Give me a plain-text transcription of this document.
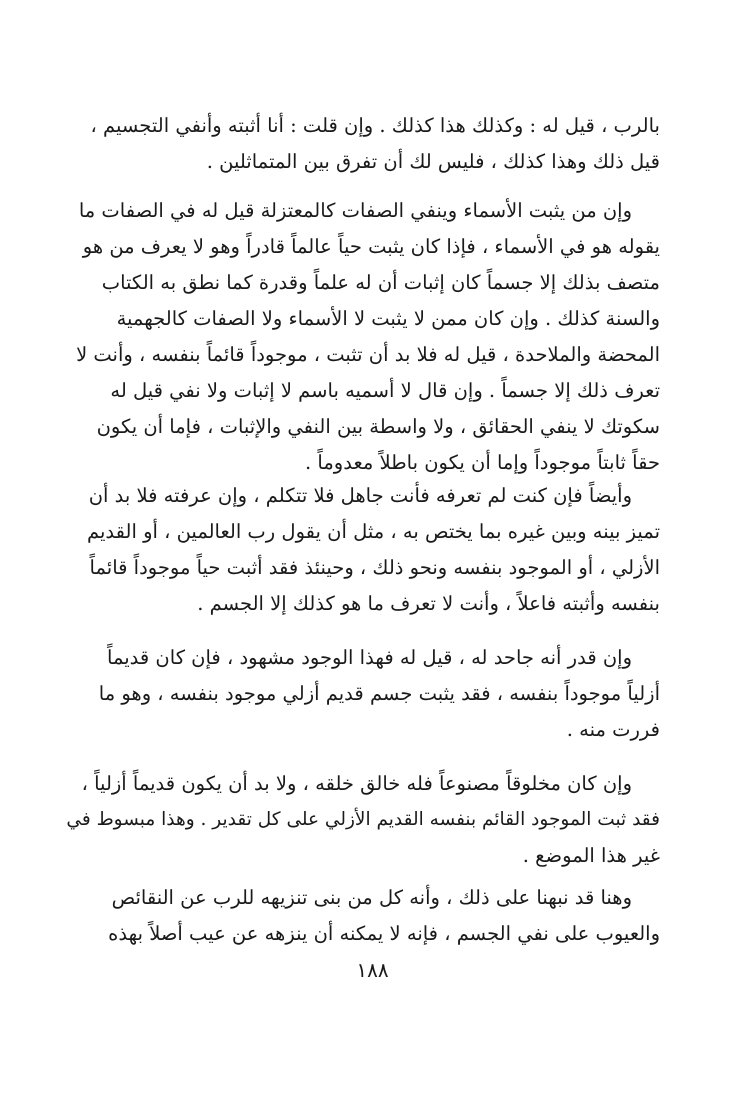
بالرب ، قيل له : وكذلك هذا كذلك . وإن قلت : أنا أثبته وأنفي التجسيم ،
قيل ذلك وهذا كذلك ، فليس لك أن تفرق بين المتماثلين .
وإن من يثبت الأسماء وينفي الصفات كالمعتزلة قيل له في الصفات ما
يقوله هو في الأسماء ، فإذا كان يثبت حياً عالماً قادراً وهو لا يعرف من هو
متصف بذلك إلا جسماً كان إثبات أن له علماً وقدرة كما نطق به الكتاب
والسنة كذلك . وإن كان ممن لا يثبت لا الأسماء ولا الصفات كالجهمية
المحضة والملاحدة ، قيل له فلا بد أن تثبت ، موجوداً قائماً بنفسه ، وأنت لا
تعرف ذلك إلا جسماً . وإن قال لا أسميه باسم لا إثبات ولا نفي قيل له
سكوتك لا ينفي الحقائق ، ولا واسطة بين النفي والإثبات ، فإما أن يكون
حقاً ثابتاً موجوداً وإما أن يكون باطلاً معدوماً .
وأيضاً فإن كنت لم تعرفه فأنت جاهل فلا تتكلم ، وإن عرفته فلا بد أن
تميز بينه وبين غيره بما يختص به ، مثل أن يقول رب العالمين ، أو القديم
الأزلي ، أو الموجود بنفسه ونحو ذلك ، وحينئذ فقد أثبت حياً موجوداً قائماً
بنفسه وأثبته فاعلاً ، وأنت لا تعرف ما هو كذلك إلا الجسم .
وإن قدر أنه جاحد له ، قيل له فهذا الوجود مشهود ، فإن كان قديماً
أزلياً موجوداً بنفسه ، فقد يثبت جسم قديم أزلي موجود بنفسه ، وهو ما
فررت منه .
وإن كان مخلوقاً مصنوعاً فله خالق خلقه ، ولا بد أن يكون قديماً أزلياً ،
فقد ثبت الموجود القائم بنفسه القديم الأزلي على كل تقدير . وهذا مبسوط في
غير هذا الموضع .
وهنا قد نبهنا على ذلك ، وأنه كل من بنى تنزيهه للرب عن النقائص
والعيوب على نفي الجسم ، فإنه لا يمكنه أن ينزهه عن عيب أصلاً بهذه
١٨٨
